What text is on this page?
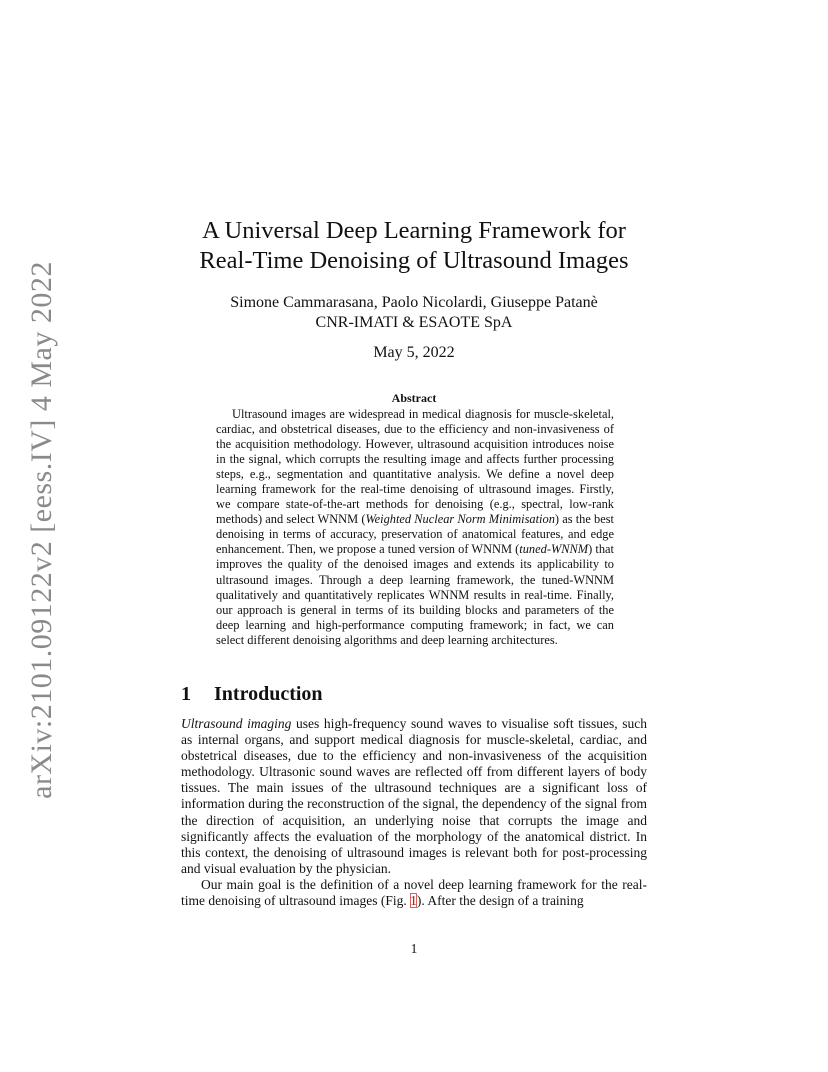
arXiv:2101.09122v2 [eess.IV] 4 May 2022
A Universal Deep Learning Framework for
Real-Time Denoising of Ultrasound Images
Simone Cammarasana, Paolo Nicolardi, Giuseppe Patanè
CNR-IMATI & ESAOTE SpA
May 5, 2022
Abstract

Ultrasound images are widespread in medical diagnosis for muscle-skeletal, cardiac, and obstetrical diseases, due to the efficiency and non-invasiveness of the acquisition methodology. However, ultrasound acquisition introduces noise in the signal, which corrupts the resulting image and affects further processing steps, e.g., segmentation and quantitative analysis. We define a novel deep learning framework for the real-time denoising of ultrasound images. Firstly, we compare state-of-the-art methods for denoising (e.g., spectral, low-rank methods) and select WNNM (Weighted Nuclear Norm Minimisation) as the best denoising in terms of accuracy, preservation of anatomical features, and edge enhancement. Then, we propose a tuned version of WNNM (tuned-WNNM) that improves the quality of the denoised images and extends its applicability to ultrasound images. Through a deep learning framework, the tuned-WNNM qualitatively and quantitatively replicates WNNM results in real-time. Finally, our approach is general in terms of its building blocks and parameters of the deep learning and high-performance computing framework; in fact, we can select different denoising algorithms and deep learning architectures.

1 Introduction

Ultrasound imaging uses high-frequency sound waves to visualise soft tissues, such as internal organs, and support medical diagnosis for muscle-skeletal, cardiac, and obstetrical diseases, due to the efficiency and non-invasiveness of the acquisition methodology. Ultrasonic sound waves are reflected off from different layers of body tissues. The main issues of the ultrasound techniques are a significant loss of information during the reconstruction of the signal, the dependency of the signal from the direction of acquisition, an underlying noise that corrupts the image and significantly affects the evaluation of the morphology of the anatomical district. In this context, the denoising of ultrasound images is relevant both for post-processing and visual evaluation by the physician.

Our main goal is the definition of a novel deep learning framework for the real-time denoising of ultrasound images (Fig. 1). After the design of a training

1
